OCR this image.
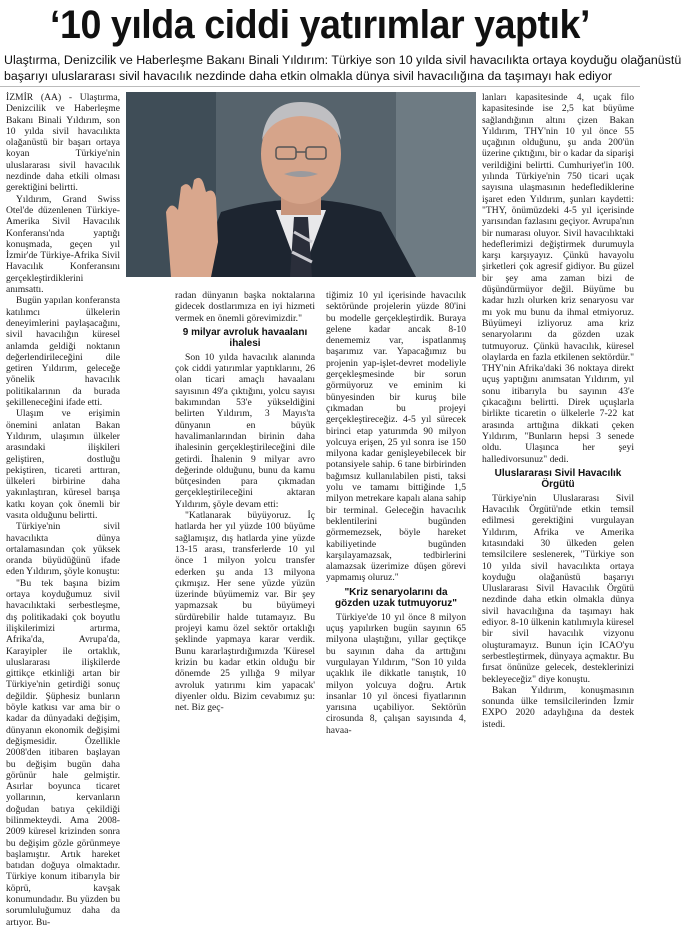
‘10 yılda ciddi yatırımlar yaptık’
Ulaştırma, Denizcilik ve Haberleşme Bakanı Binali Yıldırım: Türkiye son 10 yılda sivil havacılıkta ortaya koyduğu olağanüstü
başarıyı uluslararası sivil havacılık nezdinde daha etkin olmakla dünya sivil havacılığına da taşımayı hak ediyor

İZMİR (AA) - Ulaştırma, Denizcilik ve Haberleşme Bakanı Binali Yıldırım, son 10 yılda sivil havacılıkta olağanüstü bir başarı ortaya koyan Türkiye'nin uluslararası sivil havacılık nezdinde daha etkili olması gerektiğini belirtti.

Yıldırım, Grand Swiss Otel'de düzenlenen Türkiye-Amerika Sivil Havacılık Konferansı'nda yaptığı konuşmada, geçen yıl İzmir'de Türkiye-Afrika Sivil Havacılık Konferansını gerçekleştirdiklerini anımsattı.

Bugün yapılan konferansta katılımcı ülkelerin deneyimlerini paylaşacağını, sivil havacılığın küresel anlamda geldiği noktanın değerlendirileceğini dile getiren Yıldırım, geleceğe yönelik havacılık politikalarının da burada şekilleneceğini ifade etti.

Ulaşım ve erişimin önemini anlatan Bakan Yıldırım, ulaşımın ülkeler arasındaki ilişkileri geliştiren, dostluğu pekiştiren, ticareti arttıran, ülkeleri birbirine daha yakınlaştıran, küresel barışa katkı koyan çok önemli bir vasıta olduğunu belirtti.

Türkiye'nin sivil havacılıkta dünya ortalamasından çok yüksek oranda büyüdüğünü ifade eden Yıldırım, şöyle konuştu:

"Bu tek başına bizim ortaya koyduğumuz sivil havacılıktaki serbestleşme, dış politikadaki çok boyutlu ilişkilerimizi artırma, Afrika'da, Avrupa'da, Karayipler ile ortaklık, uluslararası ilişkilerde gittikçe etkinliği artan bir Türkiye'nin getirdiği sonuç değildir. Şüphesiz bunların böyle katkısı var ama bir o kadar da dünyadaki değişim, dünyanın ekonomik değişimi değişmesidir. Özellikle 2008'den itibaren başlayan bu değişim bugün daha görünür hale gelmiştir. Asırlar boyunca ticaret yollarının, kervanların doğudan batıya çekildiği bilinmekteydi. Ama 2008-2009 küresel krizinden sonra bu değişim gözle görünmeye başlamıştır. Artık hareket batıdan doğuya olmaktadır. Türkiye konum itibarıyla bir köprü, kavşak konumundadır. Bu yüzden bu sorumluluğumuz daha da artıyor. Bu-

radan dünyanın başka noktalarına gidecek dostlarımıza en iyi hizmeti vermek en önemli görevimizdir."

9 milyar avroluk havaalanı ihalesi

Son 10 yılda havacılık alanında çok ciddi yatırımlar yaptıklarını, 26 olan ticari amaçlı havaalanı sayısının 49'a çıktığını, yolcu sayısı bakımından 53'e yükseldiğini belirten Yıldırım, 3 Mayıs'ta dünyanın en büyük havalimanlarından birinin daha ihalesinin gerçekleştirileceğini dile getirdi. İhalenin 9 milyar avro değerinde olduğunu, bunu da kamu bütçesinden para çıkmadan gerçekleştirileceğini aktaran Yıldırım, şöyle devam etti:

"Katlanarak büyüyoruz. İç hatlarda her yıl yüzde 100 büyüme sağlamışız, dış hatlarda yine yüzde 13-15 arası, transferlerde 10 yıl önce 1 milyon yolcu transfer ederken şu anda 13 milyona çıkmışız. Her sene yüzde yüzün üzerinde büyümemiz var. Bir şey yapmazsak bu büyümeyi sürdürebilir halde tutamayız. Bu projeyi kamu özel sektör ortaklığı şeklinde yapmaya karar verdik. Bunu kararlaştırdığımızda 'Küresel krizin bu kadar etkin olduğu bir dönemde 25 yıllığa 9 milyar avroluk yatırımı kim yapacak' diyenler oldu. Bizim cevabımız şu: net. Biz geç-

tiğimiz 10 yıl içerisinde havacılık sektöründe projelerin yüzde 80'ini bu modelle gerçekleştirdik. Buraya gelene kadar ancak 8-10 denememiz var, ispatlanmış başarımız var. Yapacağımız bu projenin yap-işlet-devret modeliyle gerçekleşmesinde bir sorun görmüyoruz ve eminim ki bünyesinden bir kuruş bile çıkmadan bu projeyi gerçekleştireceğiz. 4-5 yıl sürecek birinci etap yaturımda 90 milyon yolcuya erişen, 25 yıl sonra ise 150 milyona kadar genişleyebilecek bir potansiyele sahip. 6 tane birbirinden bağımsız kullanılabilen pisti, taksi yolu ve tamamı bittiğinde 1,5 milyon metrekare kapalı alana sahip bir terminal. Geleceğin havacılık beklentilerini bugünden görmemezsek, böyle hareket kabiliyetinde bugünden karşılayamazsak, tedbirlerini alamazsak üzerimize düşen görevi yapmamış oluruz."

"Kriz senaryolarını da gözden uzak tutmuyoruz"

Türkiye'de 10 yıl önce 8 milyon uçuş yapılırken bugün sayının 65 milyona ulaştığını, yıllar geçtikçe bu sayının daha da arttığını vurgulayan Yıldırım, "Son 10 yılda uçaklık ile dikkatle tanıştık, 10 milyon yolcuya doğru. Artık insanlar 10 yıl öncesi fiyatlarının yarısına uçabiliyor. Sektörün cirosunda 8, çalışan sayısında 4, havaa-

lanları kapasitesinde 4, uçak filo kapasitesinde ise 2,5 kat büyüme sağlandığının altını çizen Bakan Yıldırım, THY'nin 10 yıl önce 55 uçağının olduğunu, şu anda 200'ün üzerine çıktığını, bir o kadar da siparişi verildiğini belirtti. Cumhuriyet'in 100. yılında Türkiye'nin 750 ticari uçak sayısına ulaşmasının hedeflediklerine işaret eden Yıldırım, şunları kaydetti: "THY, önümüzdeki 4-5 yıl içerisinde yarısından fazlasını geçiyor. Avrupa'nın bir numarası oluyor. Sivil havacılıktaki hedeflerimizi değiştirmek durumuyla karşı karşıyayız. Çünkü havayolu şirketleri çok agresif gidiyor. Bu güzel bir şey ama zaman bizi de düşündürmüyor değil. Büyüme bu kadar hızlı olurken kriz senaryosu var mı yok mu bunu da ihmal etmiyoruz. Büyümeyi izliyoruz ama kriz senaryolarını da gözden uzak tutmuyoruz. Çünkü havacılık, küresel olaylarda en fazla etkilenen sektördür." THY'nin Afrika'daki 36 noktaya direkt uçuş yaptığını anımsatan Yıldırım, yıl sonu itibarıyla bu sayının 43'e çıkacağını belirtti. Direk uçuşlarla birlikte ticaretin o ülkelerle 7-22 kat arasında arttığına dikkati çeken Yıldırım, "Bunların hepsi 3 senede oldu. Ulaşınca her şeyi halledivorsunuz" dedi.

Uluslararası Sivil Havacılık Örgütü

Türkiye'nin Uluslararası Sivil Havacılık Örgütü'nde etkin temsil edilmesi gerektiğini vurgulayan Yıldırım, Afrika ve Amerika kıtasındaki 30 ülkeden gelen temsilcilere seslenerek, "Türkiye son 10 yılda sivil havacılıkta ortaya koyduğu olağanüstü başarıyı Uluslararası Sivil Havacılık Örgütü nezdinde daha etkin olmakla dünya sivil havacılığına da taşımayı hak ediyor. 8-10 ülkenin katılımıyla küresel bir sivil havacılık vizyonu oluşturamayız. Bunun için ICAO'yu serbestleştirmek, dünyaya açmaktır. Bu fırsat önünüze gelecek, desteklerinizi bekleyeceğiz" diye konuştu.

Bakan Yıldırım, konuşmasının sonunda ülke temsilcilerinden İzmir EXPO 2020 adaylığına da destek istedi.
